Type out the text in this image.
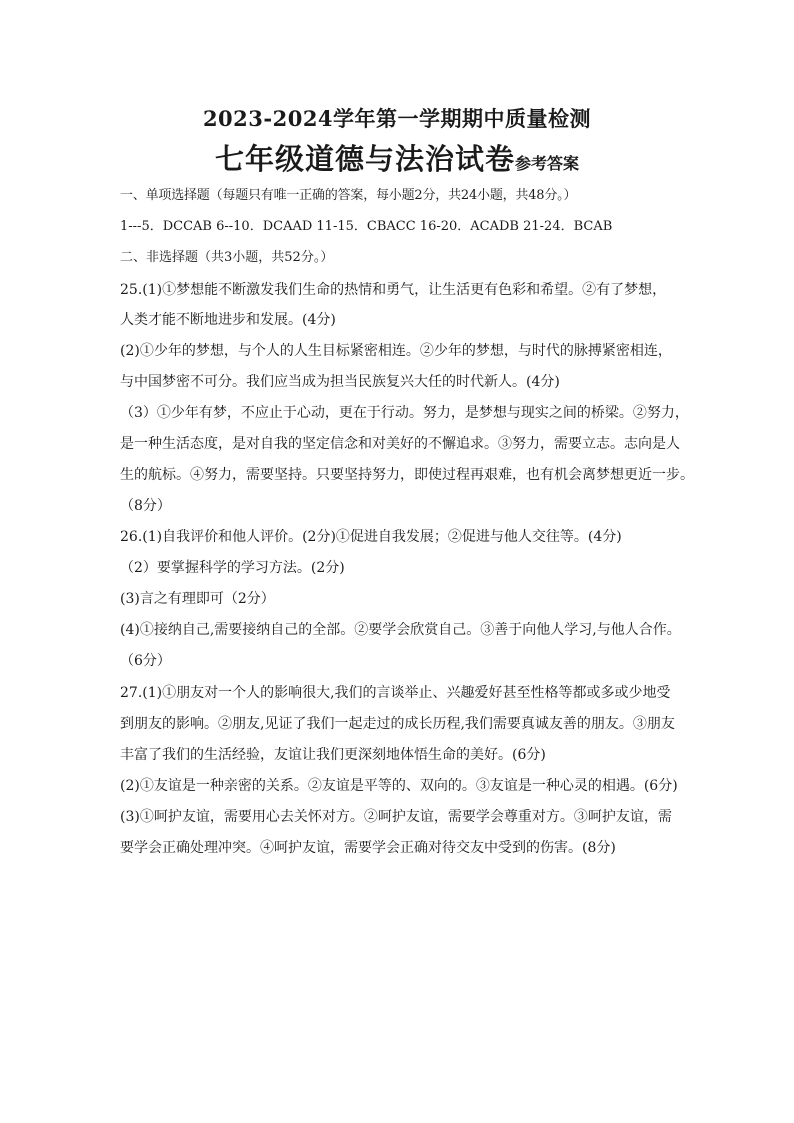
2023-2024学年第一学期期中质量检测
七年级道德与法治试卷参考答案
一、单项选择题（每题只有唯一正确的答案，每小题2分，共24小题，共48分。）
1---5．DCCAB 6--10．DCAAD 11-15．CBACC 16-20．ACADB 21-24．BCAB
二、非选择题（共3小题，共52分。）
25.(1)①梦想能不断激发我们生命的热情和勇气，让生活更有色彩和希望。②有了梦想，
人类才能不断地进步和发展。(4分)
(2)①少年的梦想，与个人的人生目标紧密相连。②少年的梦想，与时代的脉搏紧密相连，
与中国梦密不可分。我们应当成为担当民族复兴大任的时代新人。(4分)
（3）①少年有梦，不应止于心动，更在于行动。努力，是梦想与现实之间的桥梁。②努力，
是一种生活态度，是对自我的坚定信念和对美好的不懈追求。③努力，需要立志。志向是人
生的航标。④努力，需要坚持。只要坚持努力，即使过程再艰难，也有机会离梦想更近一步。
（8分）
26.(1)自我评价和他人评价。(2分)①促进自我发展；②促进与他人交往等。(4分)
（2）要掌握科学的学习方法。(2分)
(3)言之有理即可（2分）
(4)①接纳自己,需要接纳自己的全部。②要学会欣赏自己。③善于向他人学习,与他人合作。
（6分）
27.(1)①朋友对一个人的影响很大,我们的言谈举止、兴趣爱好甚至性格等都或多或少地受
到朋友的影响。②朋友,见证了我们一起走过的成长历程,我们需要真诚友善的朋友。③朋友
丰富了我们的生活经验，友谊让我们更深刻地体悟生命的美好。(6分)
(2)①友谊是一种亲密的关系。②友谊是平等的、双向的。③友谊是一种心灵的相遇。(6分)
(3)①呵护友谊，需要用心去关怀对方。②呵护友谊，需要学会尊重对方。③呵护友谊，需
要学会正确处理冲突。④呵护友谊，需要学会正确对待交友中受到的伤害。(8分)
